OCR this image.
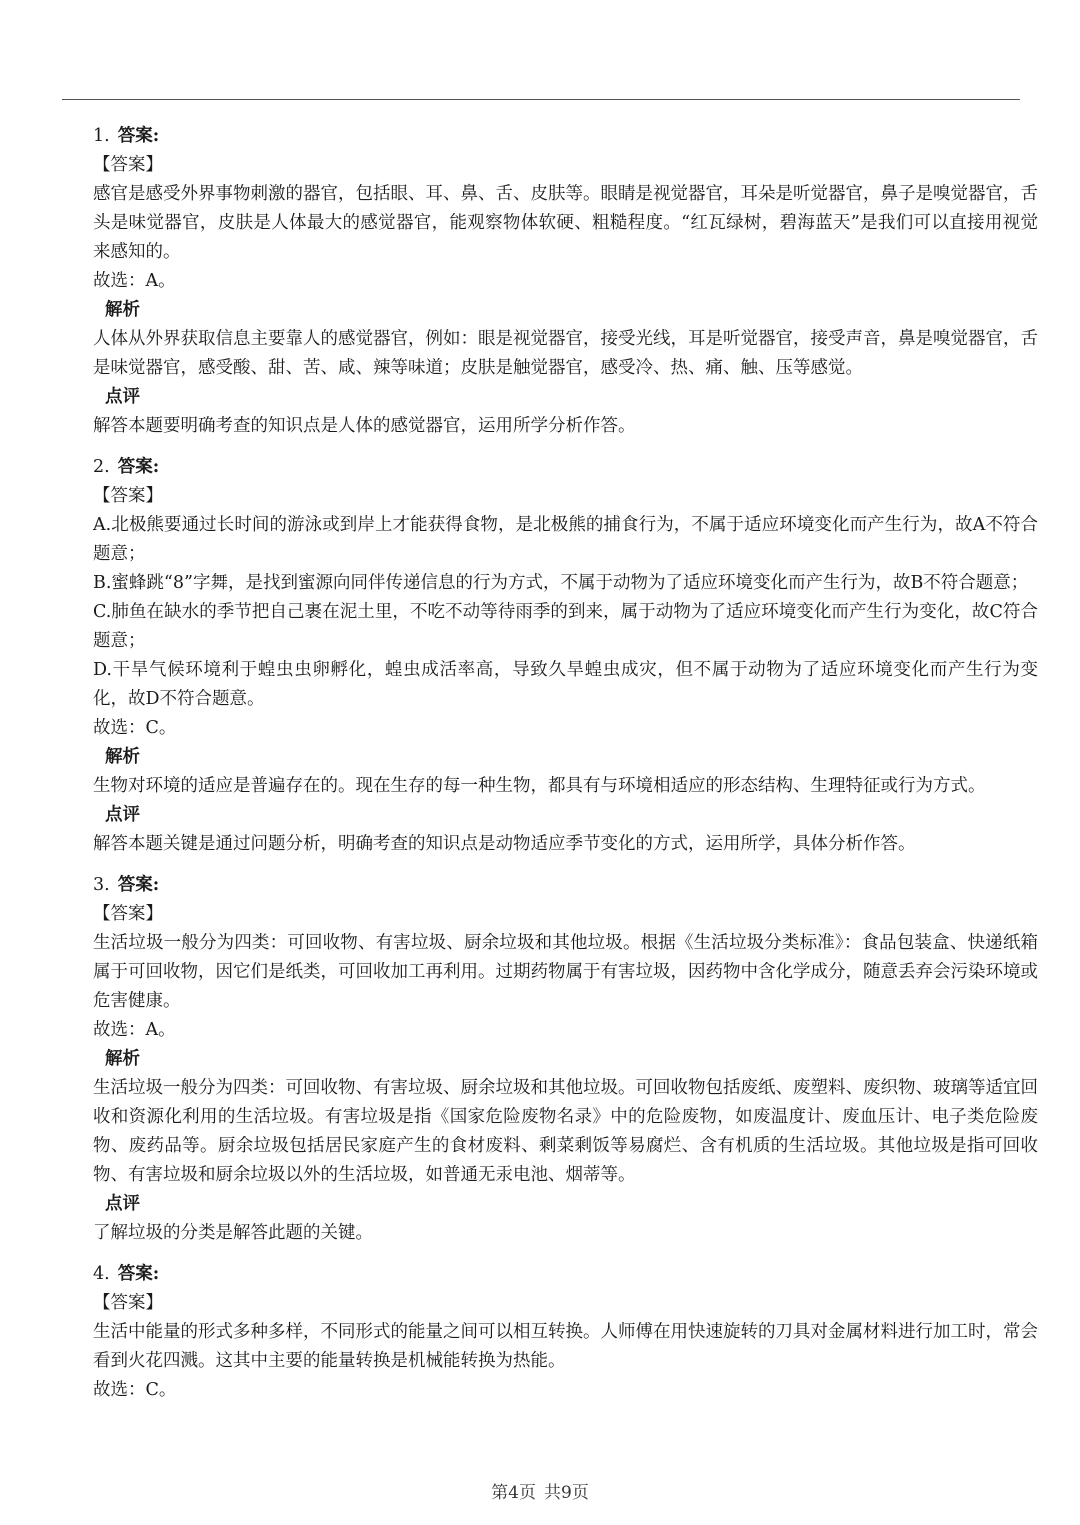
1. 答案:
【答案】
感官是感受外界事物刺激的器官，包括眼、耳、鼻、舌、皮肤等。眼睛是视觉器官，耳朵是听觉器官，鼻子是嗅觉器官，舌头是味觉器官，皮肤是人体最大的感觉器官，能观察物体软硬、粗糙程度。“红瓦绿树，碧海蓝天”是我们可以直接用视觉来感知的。
故选：A。
解析
人体从外界获取信息主要靠人的感觉器官，例如：眼是视觉器官，接受光线，耳是听觉器官，接受声音，鼻是嗅觉器官，舌是味觉器官，感受酸、甜、苦、咸、辣等味道；皮肤是触觉器官，感受冷、热、痛、触、压等感觉。
点评
解答本题要明确考查的知识点是人体的感觉器官，运用所学分析作答。
2. 答案:
【答案】
A.北极熊要通过长时间的游泳或到岸上才能获得食物，是北极熊的捕食行为，不属于适应环境变化而产生行为，故A不符合题意；
B.蜜蜂跳“8”字舞，是找到蜜源向同伴传递信息的行为方式，不属于动物为了适应环境变化而产生行为，故B不符合题意；
C.肺鱼在缺水的季节把自己裹在泥土里，不吃不动等待雨季的到来，属于动物为了适应环境变化而产生行为变化，故C符合题意；
D.干旱气候环境利于蝗虫虫卵孵化，蝗虫成活率高，导致久旱蝗虫成灾，但不属于动物为了适应环境变化而产生行为变化，故D不符合题意。
故选：C。
解析
生物对环境的适应是普遍存在的。现在生存的每一种生物，都具有与环境相适应的形态结构、生理特征或行为方式。
点评
解答本题关键是通过问题分析，明确考查的知识点是动物适应季节变化的方式，运用所学，具体分析作答。
3. 答案:
【答案】
生活垃圾一般分为四类：可回收物、有害垃圾、厨余垃圾和其他垃圾。根据《生活垃圾分类标准》：食品包装盒、快递纸箱属于可回收物，因它们是纸类，可回收加工再利用。过期药物属于有害垃圾，因药物中含化学成分，随意丢弃会污染环境或危害健康。
故选：A。
解析
生活垃圾一般分为四类：可回收物、有害垃圾、厨余垃圾和其他垃圾。可回收物包括废纸、废塑料、废织物、玻璃等适宜回收和资源化利用的生活垃圾。有害垃圾是指《国家危险废物名录》中的危险废物，如废温度计、废血压计、电子类危险废物、废药品等。厨余垃圾包括居民家庭产生的食材废料、剩菜剩饭等易腐烂、含有机质的生活垃圾。其他垃圾是指可回收物、有害垃圾和厨余垃圾以外的生活垃圾，如普通无汞电池、烟蒂等。
点评
了解垃圾的分类是解答此题的关键。
4. 答案:
【答案】
生活中能量的形式多种多样，不同形式的能量之间可以相互转换。人师傅在用快速旋转的刀具对金属材料进行加工时，常会看到火花四溅。这其中主要的能量转换是机械能转换为热能。
故选：C。
第4页 共9页
